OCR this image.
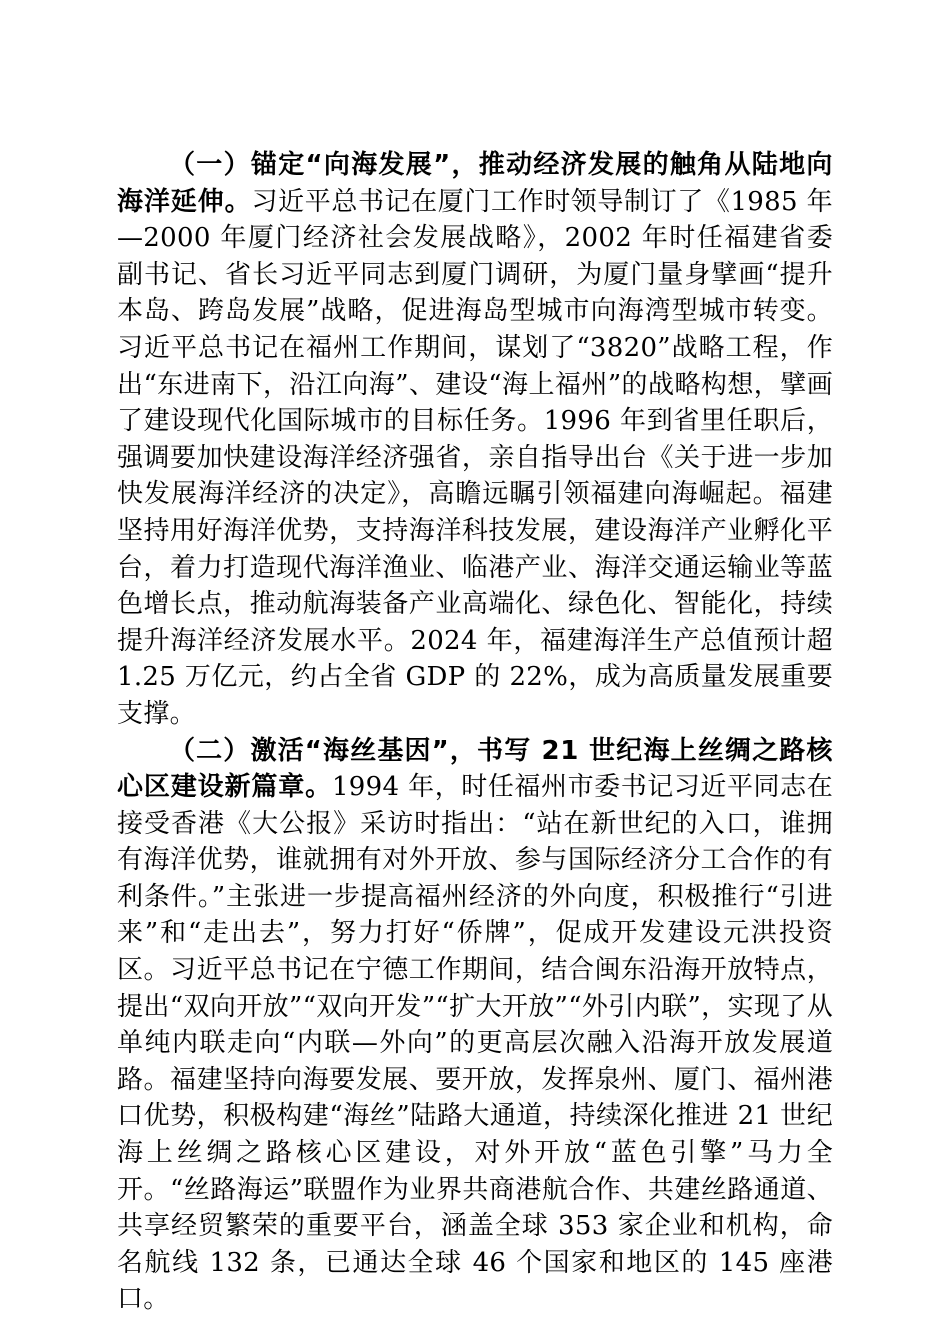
（一）锚定“向海发展”，推动经济发展的触角从陆地向海洋延伸。习近平总书记在厦门工作时领导制订了《1985 年—2000 年厦门经济社会发展战略》，2002 年时任福建省委副书记、省长习近平同志到厦门调研，为厦门量身擘画“提升本岛、跨岛发展”战略，促进海岛型城市向海湾型城市转变。习近平总书记在福州工作期间，谋划了“3820”战略工程，作出“东进南下，沿江向海”、建设“海上福州”的战略构想，擘画了建设现代化国际城市的目标任务。1996 年到省里任职后，强调要加快建设海洋经济强省，亲自指导出台《关于进一步加快发展海洋经济的决定》，高瞻远瞩引领福建向海崛起。福建坚持用好海洋优势，支持海洋科技发展，建设海洋产业孵化平台，着力打造现代海洋渔业、临港产业、海洋交通运输业等蓝色增长点，推动航海装备产业高端化、绿色化、智能化，持续提升海洋经济发展水平。2024 年，福建海洋生产总值预计超 1.25 万亿元，约占全省 GDP 的 22%，成为高质量发展重要支撑。

（二）激活“海丝基因”，书写 21 世纪海上丝绸之路核心区建设新篇章。1994 年，时任福州市委书记习近平同志在接受香港《大公报》采访时指出：“站在新世纪的入口，谁拥有海洋优势，谁就拥有对外开放、参与国际经济分工合作的有利条件。”主张进一步提高福州经济的外向度，积极推行“引进来”和“走出去”，努力打好“侨牌”，促成开发建设元洪投资区。习近平总书记在宁德工作期间，结合闽东沿海开放特点，提出“双向开放”“双向开发”“扩大开放”“外引内联”，实现了从单纯内联走向“内联—外向”的更高层次融入沿海开放发展道路。福建坚持向海要发展、要开放，发挥泉州、厦门、福州港口优势，积极构建“海丝”陆路大通道，持续深化推进 21 世纪海上丝绸之路核心区建设，对外开放“蓝色引擎”马力全开。“丝路海运”联盟作为业界共商港航合作、共建丝路通道、共享经贸繁荣的重要平台，涵盖全球 353 家企业和机构，命名航线 132 条，已通达全球 46 个国家和地区的 145 座港口。
